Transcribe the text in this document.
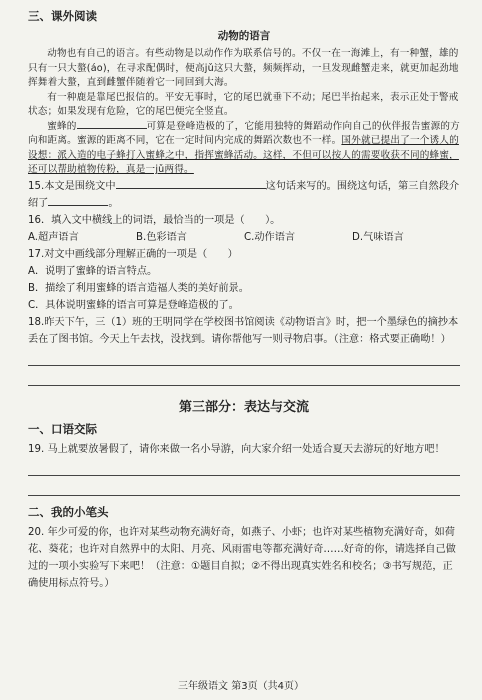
三、课外阅读
动物的语言

动物也有自己的语言。有些动物是以动作作为联系信号的。不仅一在一海滩上，有一种蟹，雄的只有一只大螯(áo)，在寻求配偶时，便高jǔ这只大螯，频频挥动，一旦发现雌蟹走来，就更加起劲地挥舞着大螯，直到雌蟹伴随着它一同回到大海。

有一种鹿是靠尾巴报信的。平安无事时，它的尾巴就垂下不动；尾巴半抬起来，表示正处于警戒状态；如果发现有危险，它的尾巴便完全竖直。

蜜蜂的	可算是登峰造极的了，它能用独特的舞蹈动作向自己的伙伴报告蜜源的方向和距离。蜜源的距离不同，它在一定时间内完成的舞蹈次数也不一样。国外就已提出了一个诱人的设想：派入造的电子蜂打入蜜蜂之中，指挥蜜蜂活动。这样，不但可以按人的需要收获不同的蜂蜜，还可以帮助植物传粉，真是一jǔ两得。

15.本文是围绕文中	这句话来写的。围绕这句话，第三自然段介绍了	。

16．填入文中横线上的词语，最恰当的一项是（　　）。

A.超声语言	B.色彩语言	C.动作语言	D.气味语言

17.对文中画线部分理解正确的一项是（　　）

A．说明了蜜蜂的语言特点。

B．描绘了利用蜜蜂的语言造福人类的美好前景。

C．具体说明蜜蜂的语言可算是登峰造极的了。

18.昨天下午，三（1）班的王明同学在学校图书馆阅读《动物语言》时，把一个墨绿色的摘抄本丢在了图书馆。今天上午去找，没找到。请你帮他写一则寻物启事。（注意：格式要正确呦！）

第三部分：表达与交流
一、口语交际

19. 马上就要放暑假了，请你来做一名小导游，向大家介绍一处适合夏天去游玩的好地方吧！

二、我的小笔头

20. 年少可爱的你，也许对某些动物充满好奇，如燕子、小虾；也许对某些植物充满好奇，如荷花、葵花；也许对自然界中的太阳、月亮、风雨雷电等都充满好奇……好奇的你，请选择自己做过的一项小实验写下来吧！（注意：①题目自拟；②不得出现真实姓名和校名；③书写规范，正确使用标点符号。）

三年级语文 第3页（共4页）
